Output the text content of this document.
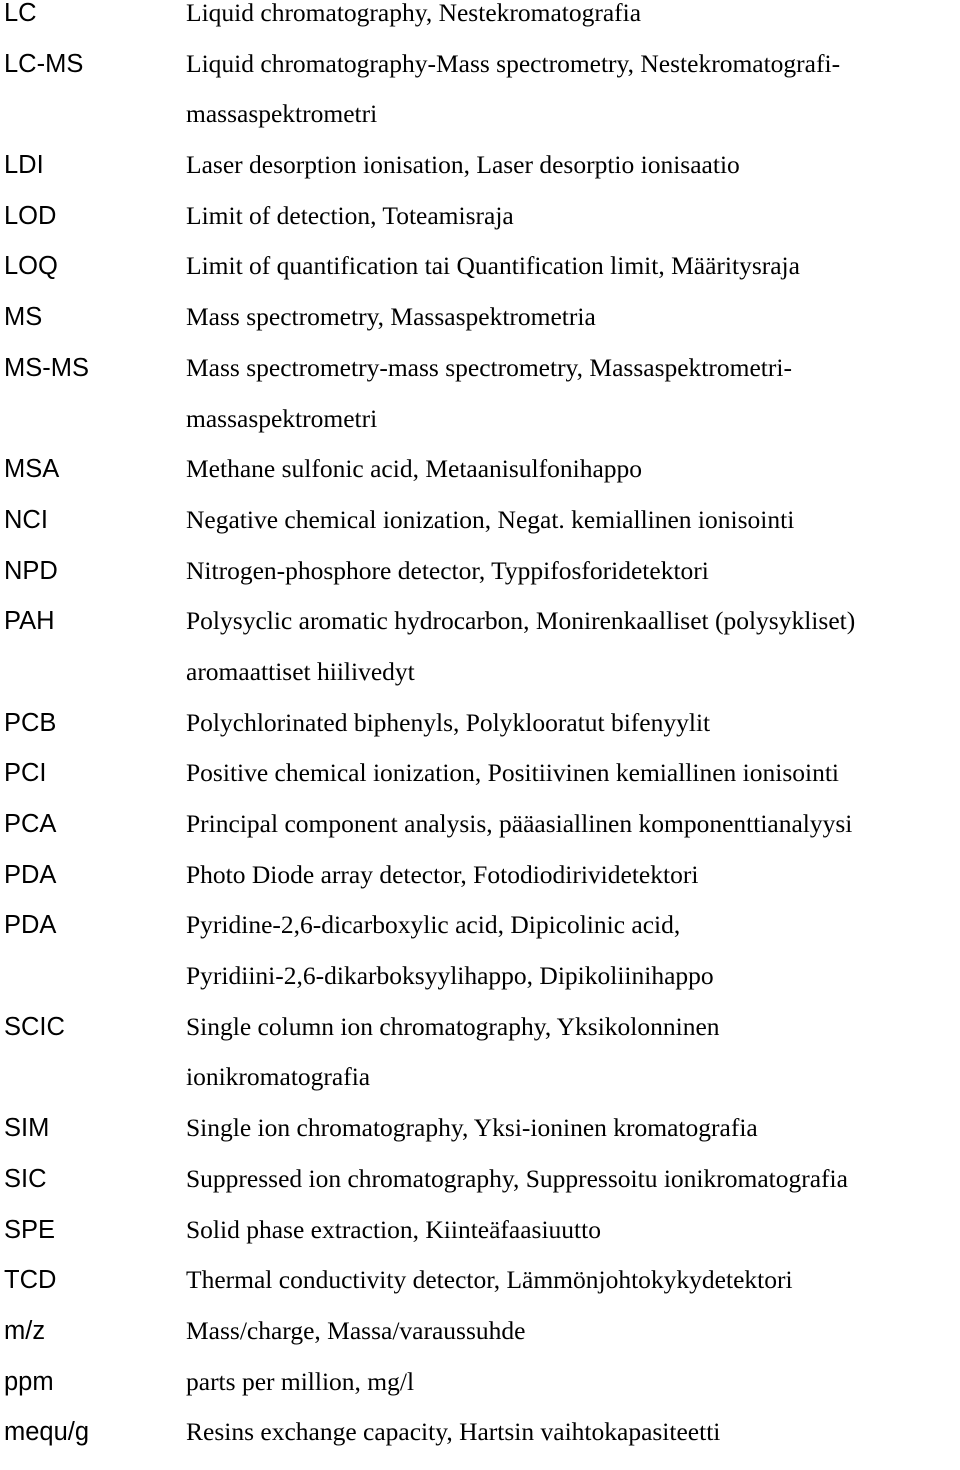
LC	Liquid chromatography, Nestekromatografia
LC-MS	Liquid chromatography-Mass spectrometry, Nestekromatografi-
massaspektrometri
LDI	Laser desorption ionisation, Laser desorptio ionisaatio
LOD	Limit of detection, Toteamisraja
LOQ	Limit of quantification tai Quantification limit, Määritysraja
MS	Mass spectrometry, Massaspektrometria
MS-MS	Mass spectrometry-mass spectrometry, Massaspektrometri-
massaspektrometri
MSA	Methane sulfonic acid, Metaanisulfonihappo
NCI	Negative chemical ionization, Negat. kemiallinen ionisointi
NPD	Nitrogen-phosphore detector, Typpifosforidetektori
PAH	Polysyclic aromatic hydrocarbon, Monirenkaalliset (polysykliset)
aromaattiset hiilivedyt
PCB	Polychlorinated biphenyls, Polyklooratut bifenyylit
PCI	Positive chemical ionization, Positiivinen kemiallinen ionisointi
PCA	Principal component analysis, pääasiallinen komponenttianalyysi
PDA	Photo Diode array detector, Fotodiodirividetektori
PDA	Pyridine-2,6-dicarboxylic acid, Dipicolinic acid,
Pyridiini-2,6-dikarboksyylihappo, Dipikoliinihappo
SCIC	Single column ion chromatography, Yksikolonninen
ionikromatografia
SIM	Single ion chromatography, Yksi-ioninen kromatografia
SIC	Suppressed ion chromatography, Suppressoitu ionikromatografia
SPE	Solid phase extraction, Kiinteäfaasiuutto
TCD	Thermal conductivity detector, Lämmönjohtokykydetektori
m/z	Mass/charge, Massa/varaussuhde
ppm	parts per million, mg/l
mequ/g	Resins exchange capacity, Hartsin vaihtokapasiteetti
